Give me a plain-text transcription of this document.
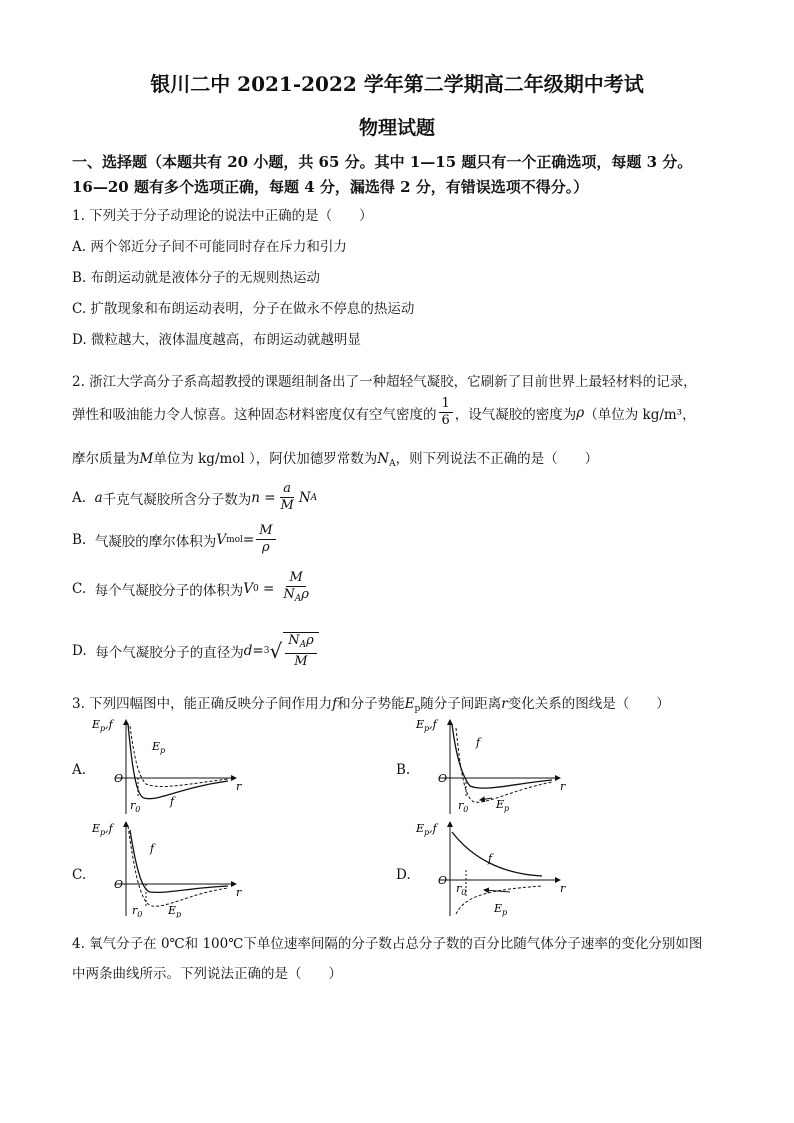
银川二中 2021-2022 学年第二学期高二年级期中考试
物理试题
一、选择题（本题共有 20 小题，共 65 分。其中 1—15 题只有一个正确选项，每题 3 分。
16—20 题有多个选项正确，每题 4 分，漏选得 2 分，有错误选项不得分。）
1. 下列关于分子动理论的说法中正确的是（　　）
A. 两个邻近分子间不可能同时存在斥力和引力
B. 布朗运动就是液体分子的无规则热运动
C. 扩散现象和布朗运动表明，分子在做永不停息的热运动
D. 微粒越大，液体温度越高，布朗运动就越明显
2. 浙江大学高分子系高超教授的课题组制备出了一种超轻气凝胶，它刷新了目前世界上最轻材料的记录，
弹性和吸油能力令人惊喜。这种固态材料密度仅有空气密度的 $\frac{1}{6}$ ，设气凝胶的密度为 ρ （单位为 kg/m³，
摩尔质量为M单位为 kg/mol ），阿伏加德罗常数为$N_A$，则下列说法不正确的是（　　）
A.
a 千克气凝胶所含分子数为 $n = \frac{a}{M}$ N A
B.
气凝胶的摩尔体积为 V mol = $\frac{M}{\rho}$
C.
每个气凝胶分子的体积为 V 0
= $\frac{M}{N_A\rho}$
D.
每个气凝胶分子的直径为 d = 3 √ $\frac{N_A\rho}{M}$
3. 下列四幅图中，能正确反映分子间作用力f和分子势能$E_p$随分子间距离r变化关系的图线是（　　）
A.	B.
C.	D.
$E_p,f$
O
r
$r_0$
$E_p$
f
$E_p,f$
O
r
$r_0$
f
$E_p$
$E_p,f$
O
r
$r_0$
f
$E_p$
$E_p,f$
O
r
$r_0$
f
$E_p$
4. 氧气分子在 0℃和 100℃下单位速率间隔的分子数占总分子数的百分比随气体分子速率的变化分别如图
中两条曲线所示。下列说法正确的是（　　）
